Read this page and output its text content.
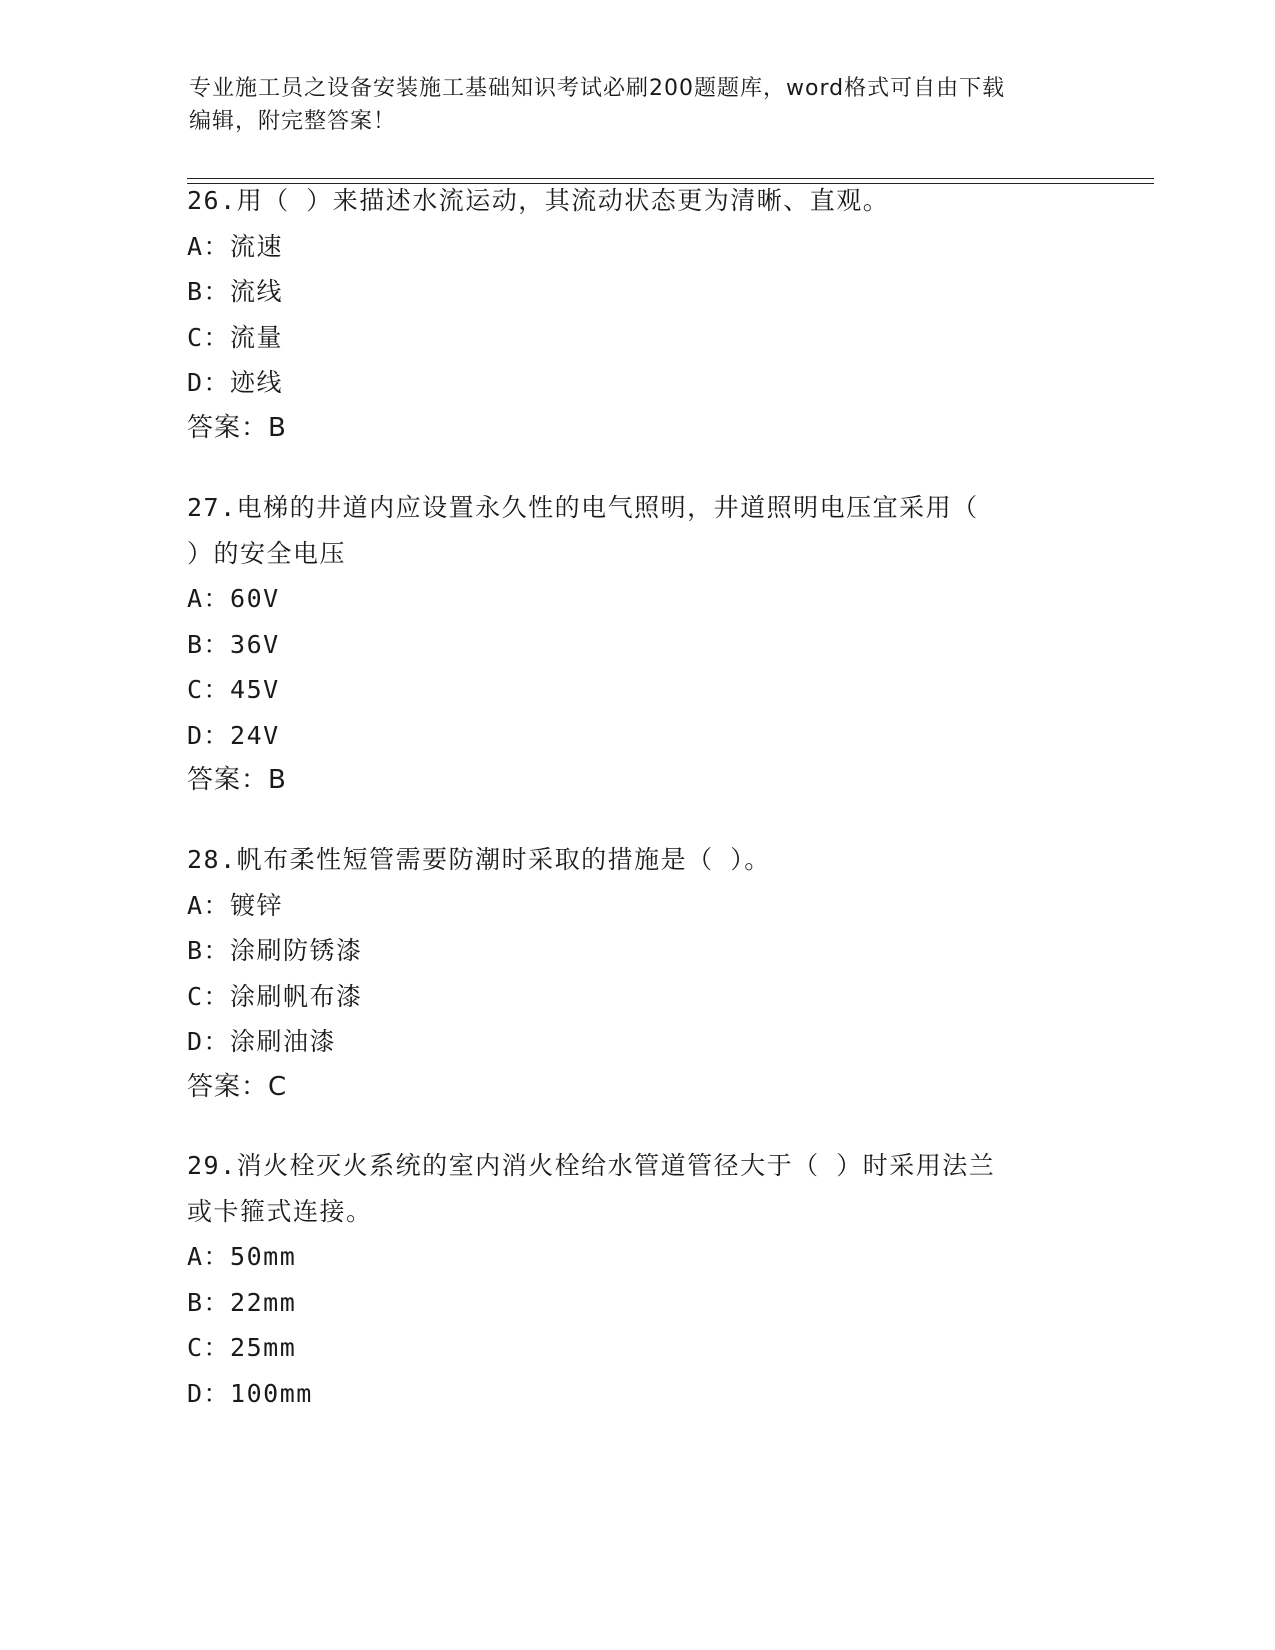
专业施工员之设备安装施工基础知识考试必刷200题题库，word格式可自由下载
编辑，附完整答案！
26.用（ ）来描述水流运动，其流动状态更为清晰、直观。
A：流速
B：流线
C：流量
D：迹线
答案：B
27.电梯的井道内应设置永久性的电气照明，井道照明电压宜采用（
）的安全电压
A：60V
B：36V
C：45V
D：24V
答案：B
28.帆布柔性短管需要防潮时采取的措施是（ ）。
A：镀锌
B：涂刷防锈漆
C：涂刷帆布漆
D：涂刷油漆
答案：C
29.消火栓灭火系统的室内消火栓给水管道管径大于（ ）时采用法兰
或卡箍式连接。
A：50mm
B：22mm
C：25mm
D：100mm
